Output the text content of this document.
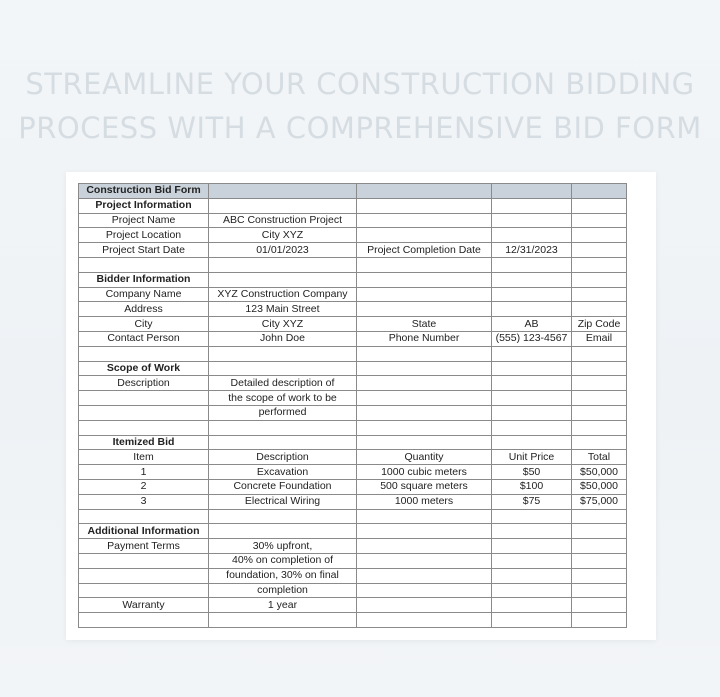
STREAMLINE YOUR CONSTRUCTION BIDDING
PROCESS WITH A COMPREHENSIVE BID FORM
Construction Bid Form				
Project Information				
Project Name	ABC Construction Project			
Project Location	City XYZ			
Project Start Date	01/01/2023	Project Completion Date	12/31/2023	

Bidder Information				
Company Name	XYZ Construction Company			
Address	123 Main Street			
City	City XYZ	State	AB	Zip Code
Contact Person	John Doe	Phone Number	(555) 123-4567	Email

Scope of Work				
Description	Detailed description of			
	the scope of work to be			
	performed			

Itemized Bid				
Item	Description	Quantity	Unit Price	Total
1	Excavation	1000 cubic meters	$50	$50,000
2	Concrete Foundation	500 square meters	$100	$50,000
3	Electrical Wiring	1000 meters	$75	$75,000

Additional Information				
Payment Terms	30% upfront,			
	40% on completion of			
	foundation, 30% on final			
	completion			
Warranty	1 year			
